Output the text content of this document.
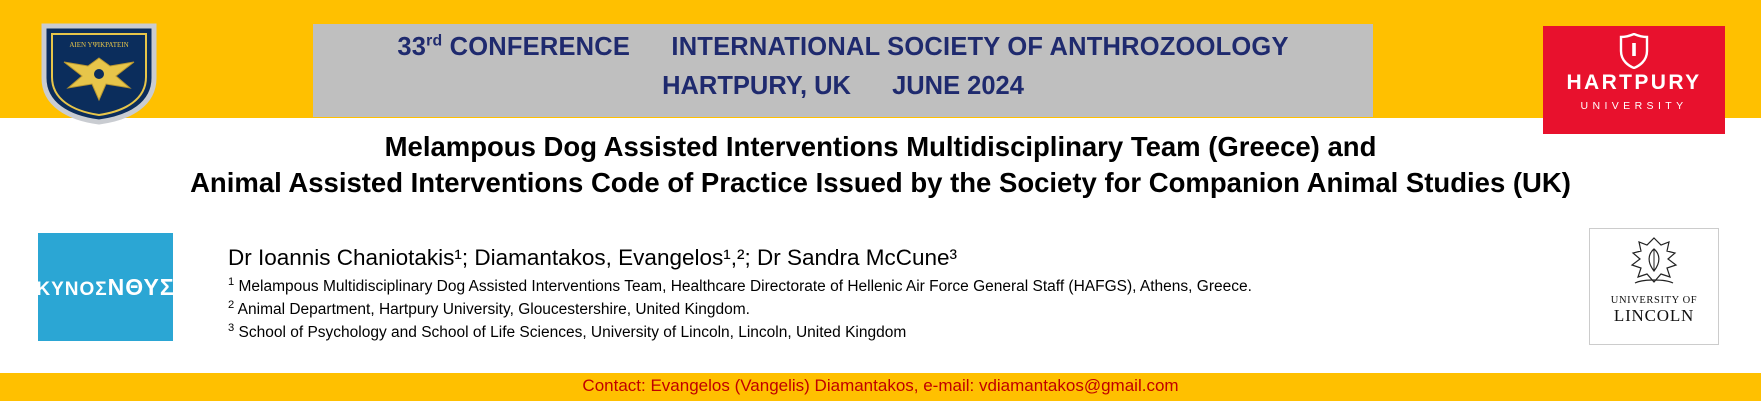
ΑΙΕΝ ΥΨΙΚΡΑΤΕΙΝ	33rd CONFERENCE INTERNATIONAL SOCIETY OF ANTHROZOOLOGY
HARTPURY, UK JUNE 2024	HARTPURY
UNIVERSITY
Melampous Dog Assisted Interventions Multidisciplinary Team (Greece) and
Animal Assisted Interventions Code of Practice Issued by the Society for Companion Animal Studies (UK)
ΚΥΝΟΣΝΘΥΣ
Dr Ioannis Chaniotakis¹; Diamantakos, Evangelos¹,²; Dr Sandra McCune³
$^1$ Melampous Multidisciplinary Dog Assisted Interventions Team, Healthcare Directorate of Hellenic Air Force General Staff (HAFGS), Athens, Greece.
$^2$ Animal Department, Hartpury University, Gloucestershire, United Kingdom.
$^3$ School of Psychology and School of Life Sciences, University of Lincoln, Lincoln, United Kingdom
UNIVERSITY OF
LINCOLN
Contact: Evangelos (Vangelis) Diamantakos, e-mail: vdiamantakos@gmail.com
